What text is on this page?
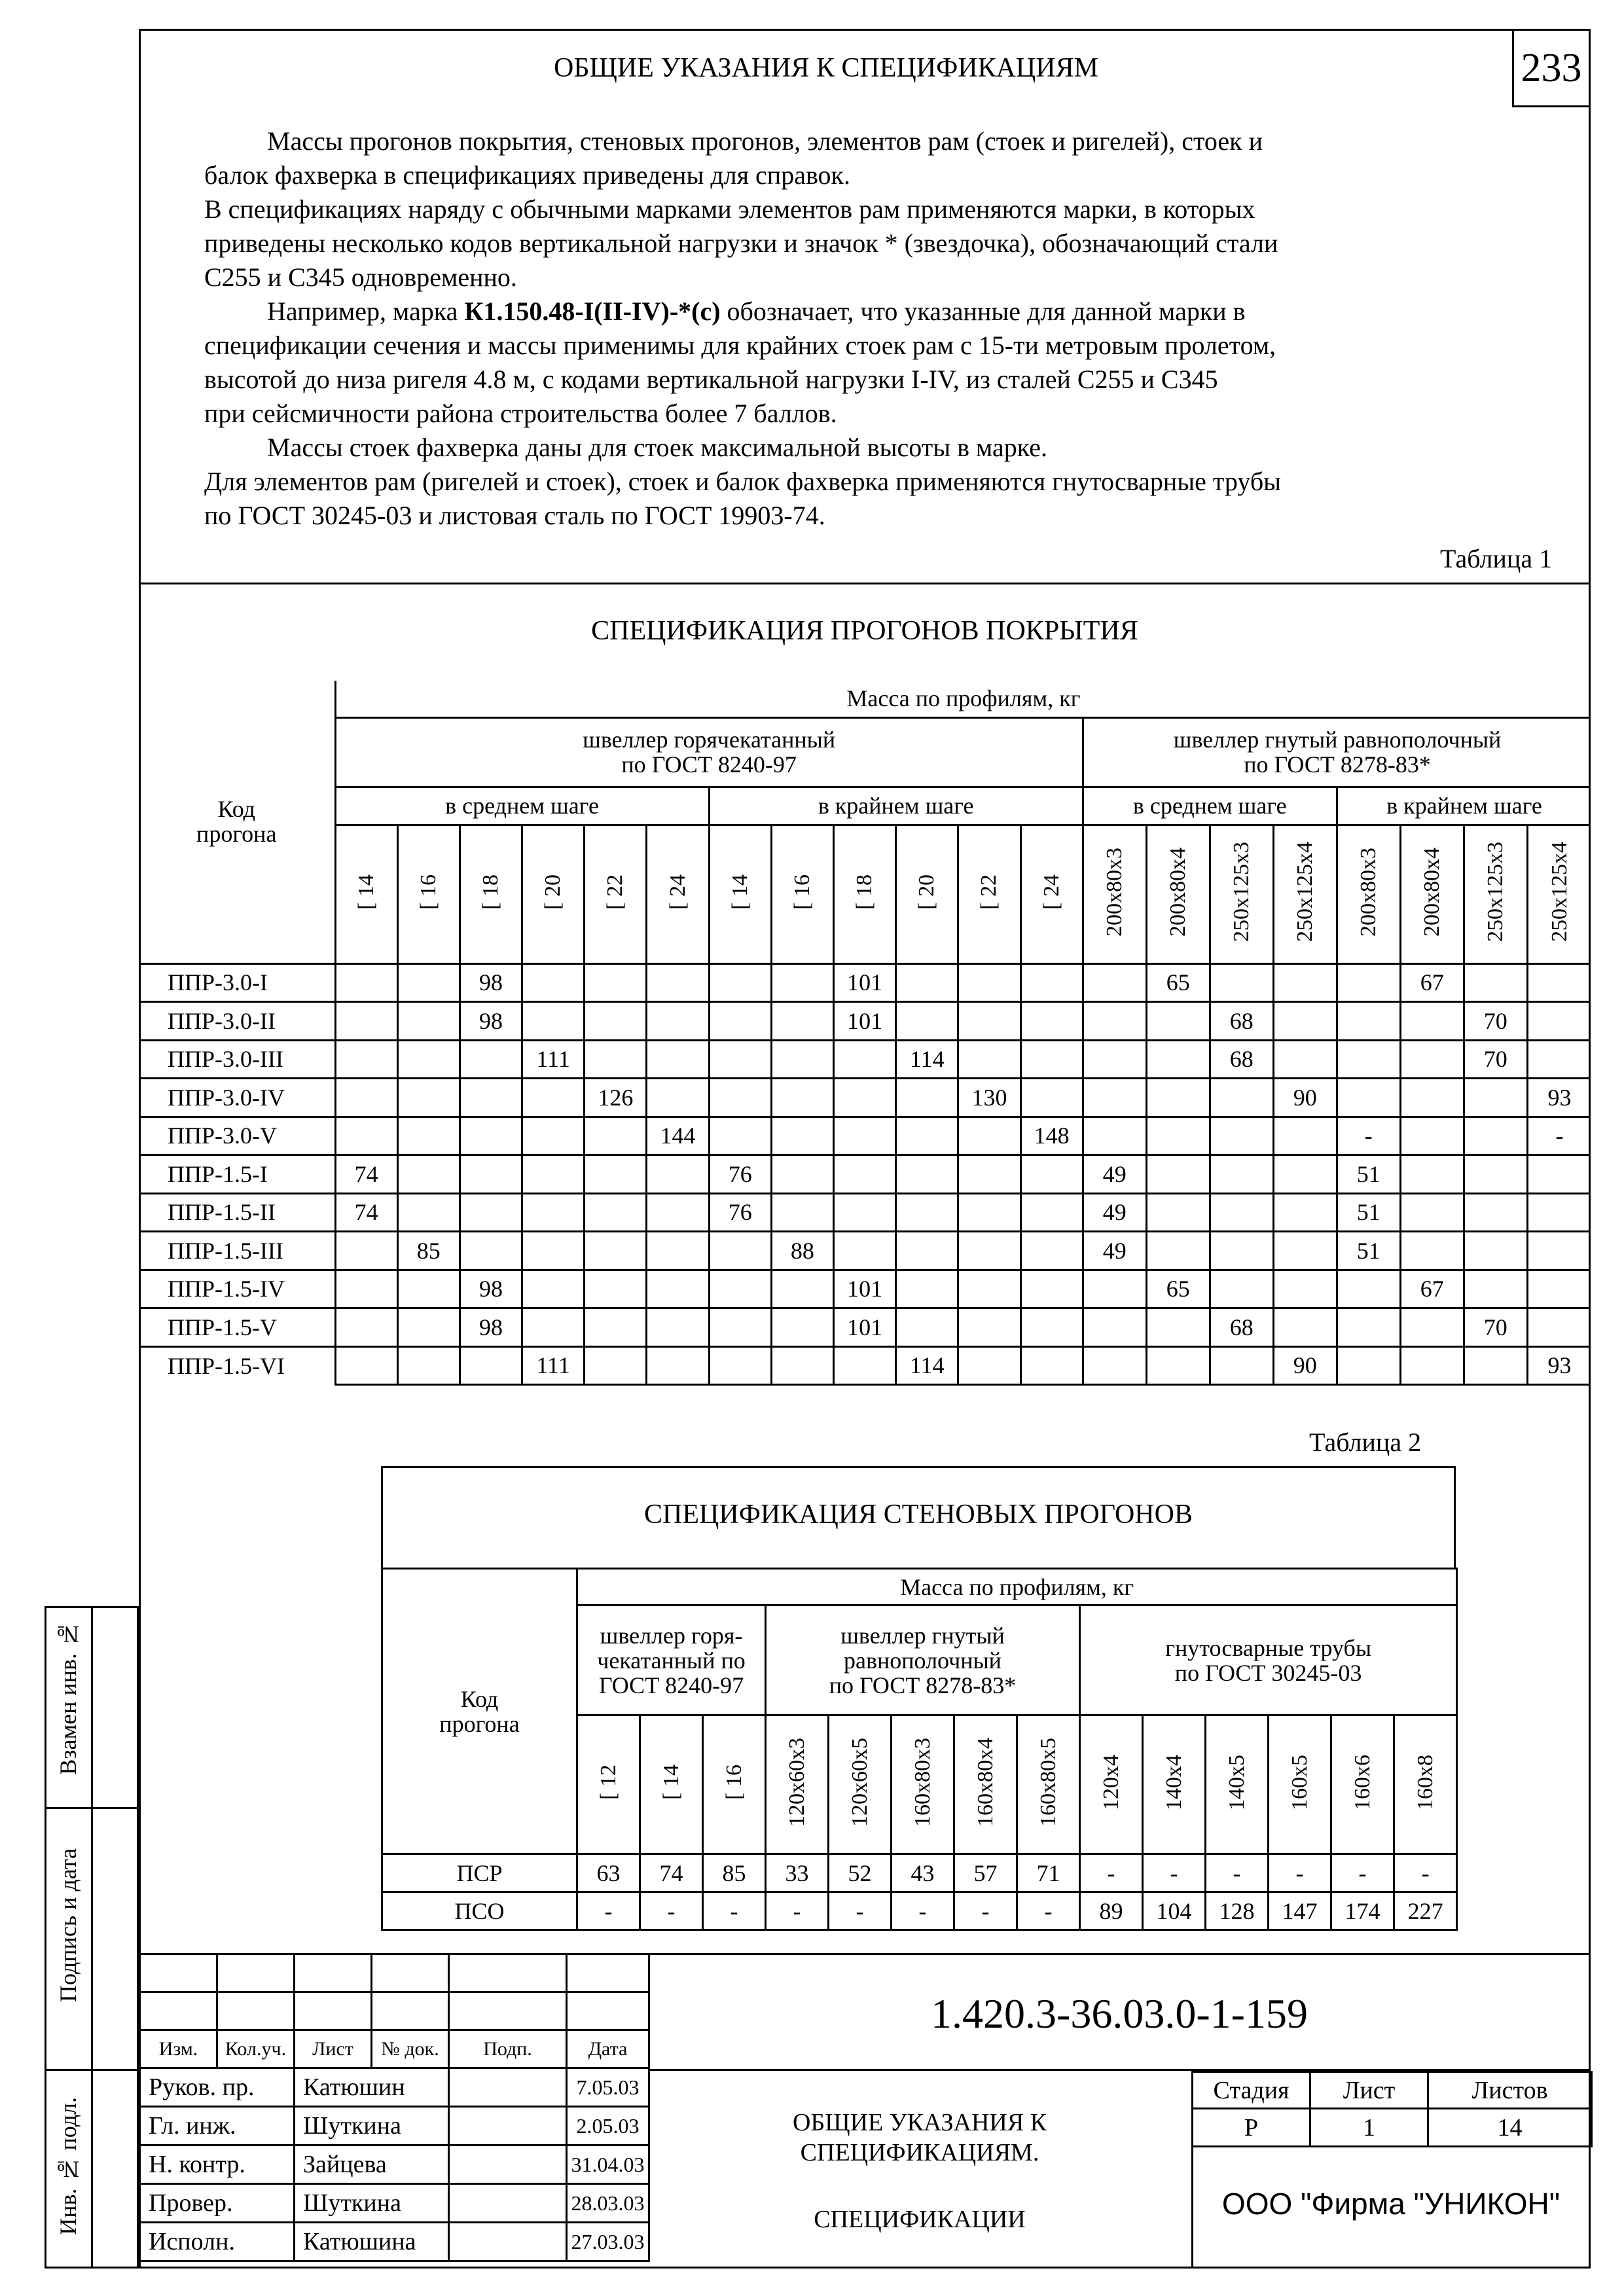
233
ОБЩИЕ УКАЗАНИЯ К СПЕЦИФИКАЦИЯМ
Массы прогонов покрытия, стеновых прогонов, элементов рам (стоек и ригелей), стоек и
балок фахверка в спецификациях приведены для справок.
В спецификациях наряду с обычными марками элементов рам применяются марки, в которых
приведены несколько кодов вертикальной нагрузки и значок * (звездочка), обозначающий стали
С255 и С345 одновременно.
Например, марка К1.150.48-I(II-IV)-*(с) обозначает, что указанные для данной марки в
спецификации сечения и массы применимы для крайних стоек рам с 15-ти метровым пролетом,
высотой до низа ригеля 4.8 м, с кодами вертикальной нагрузки I-IV, из сталей С255 и С345
при сейсмичности района строительства более 7 баллов.
Массы стоек фахверка даны для стоек максимальной высоты в марке.
Для элементов рам (ригелей и стоек), стоек и балок фахверка применяются гнутосварные трубы
по ГОСТ 30245-03 и листовая сталь по ГОСТ 19903-74.
Таблица 1
СПЕЦИФИКАЦИЯ ПРОГОНОВ ПОКРЫТИЯ
Код
прогона	Масса по профилям, кг																			
	швеллер горячекатанный
по ГОСТ 8240-97												швеллер гнутый равнополочный
по ГОСТ 8278-83*							
	в среднем шаге						в крайнем шаге						в среднем шаге				в крайнем шаге			
	[ 14	[ 16	[ 18	[ 20	[ 22	[ 24	[ 14	[ 16	[ 18	[ 20	[ 22	[ 24	200x80x3	200x80x4	250x125x3	250x125x4	200x80x3	200x80x4	250x125x3	250x125x4
ППР-3.0-I			98						101					65				67		
ППР-3.0-II			98						101						68				70	
ППР-3.0-III				111						114					68				70	
ППР-3.0-IV					126						130					90				93
ППР-3.0-V						144						148					-			-
ППР-1.5-I	74						76						49				51			
ППР-1.5-II	74						76						49				51			
ППР-1.5-III		85						88					49				51			
ППР-1.5-IV			98						101					65				67		
ППР-1.5-V			98						101						68				70	
ППР-1.5-VI				111						114						90				93
Таблица 2
СПЕЦИФИКАЦИЯ СТЕНОВЫХ ПРОГОНОВ
Код
прогона	Масса по профилям, кг													
	швеллер горя-
чекатанный по
ГОСТ 8240-97			швеллер гнутый
равнополочный
по ГОСТ 8278-83*					гнутосварные трубы
по ГОСТ 30245-03					
	[ 12	[ 14	[ 16	120x60x3	120x60x5	160x80x3	160x80x4	160x80x5	120x4	140x4	140x5	160x5	160x6	160x8
ПСР	63	74	85	33	52	43	57	71	-	-	-	-	-	-
ПСО	-	-	-	-	-	-	-	-	89	104	128	147	174	227
Взамен инв. №
Подпись и дата
Инв. № подл.

Изм.	Кол.уч.	Лист	№ док.	Подп.	Дата
Руков. пр.	Катюшин		7.05.03
Гл. инж.	Шуткина		2.05.03
Н. контр.	Зайцева		31.04.03
Провер.	Шуткина		28.03.03
Исполн.	Катюшина		27.03.03
1.420.3-36.03.0-1-159
ОБЩИЕ УКАЗАНИЯ К
СПЕЦИФИКАЦИЯМ.
СПЕЦИФИКАЦИИ
Стадия	Лист	Листов
Р	1	14
ООО "Фирма "УНИКОН"
